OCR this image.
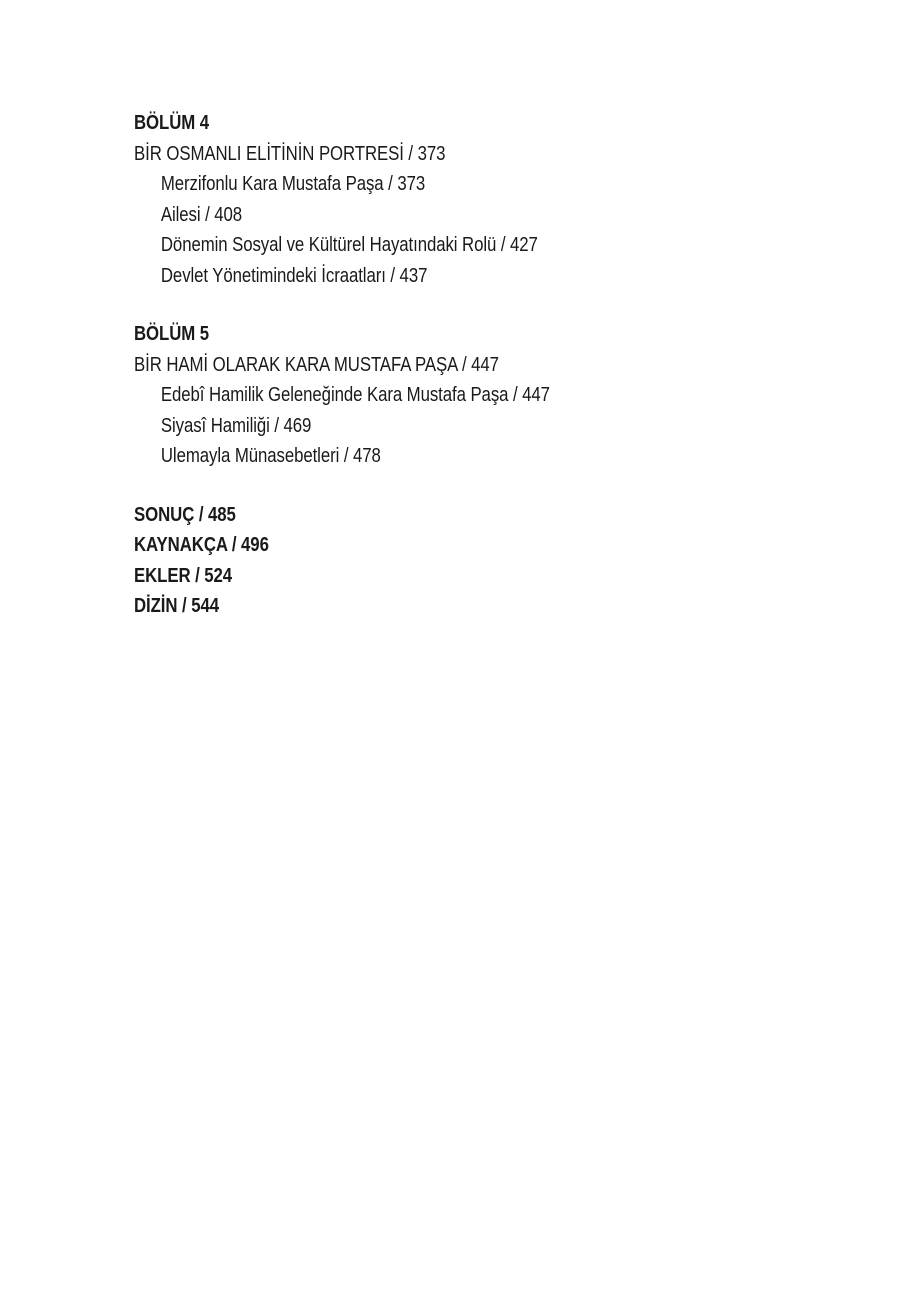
BÖLÜM 4
BİR OSMANLI ELİTİNİN PORTRESİ / 373
Merzifonlu Kara Mustafa Paşa / 373
Ailesi / 408
Dönemin Sosyal ve Kültürel Hayatındaki Rolü / 427
Devlet Yönetimindeki İcraatları / 437
BÖLÜM 5
BİR HAMİ OLARAK KARA MUSTAFA PAŞA / 447
Edebî Hamilik Geleneğinde Kara Mustafa Paşa / 447
Siyasî Hamiliği / 469
Ulemayla Münasebetleri / 478
SONUÇ / 485
KAYNAKÇA / 496
EKLER / 524
DİZİN / 544
